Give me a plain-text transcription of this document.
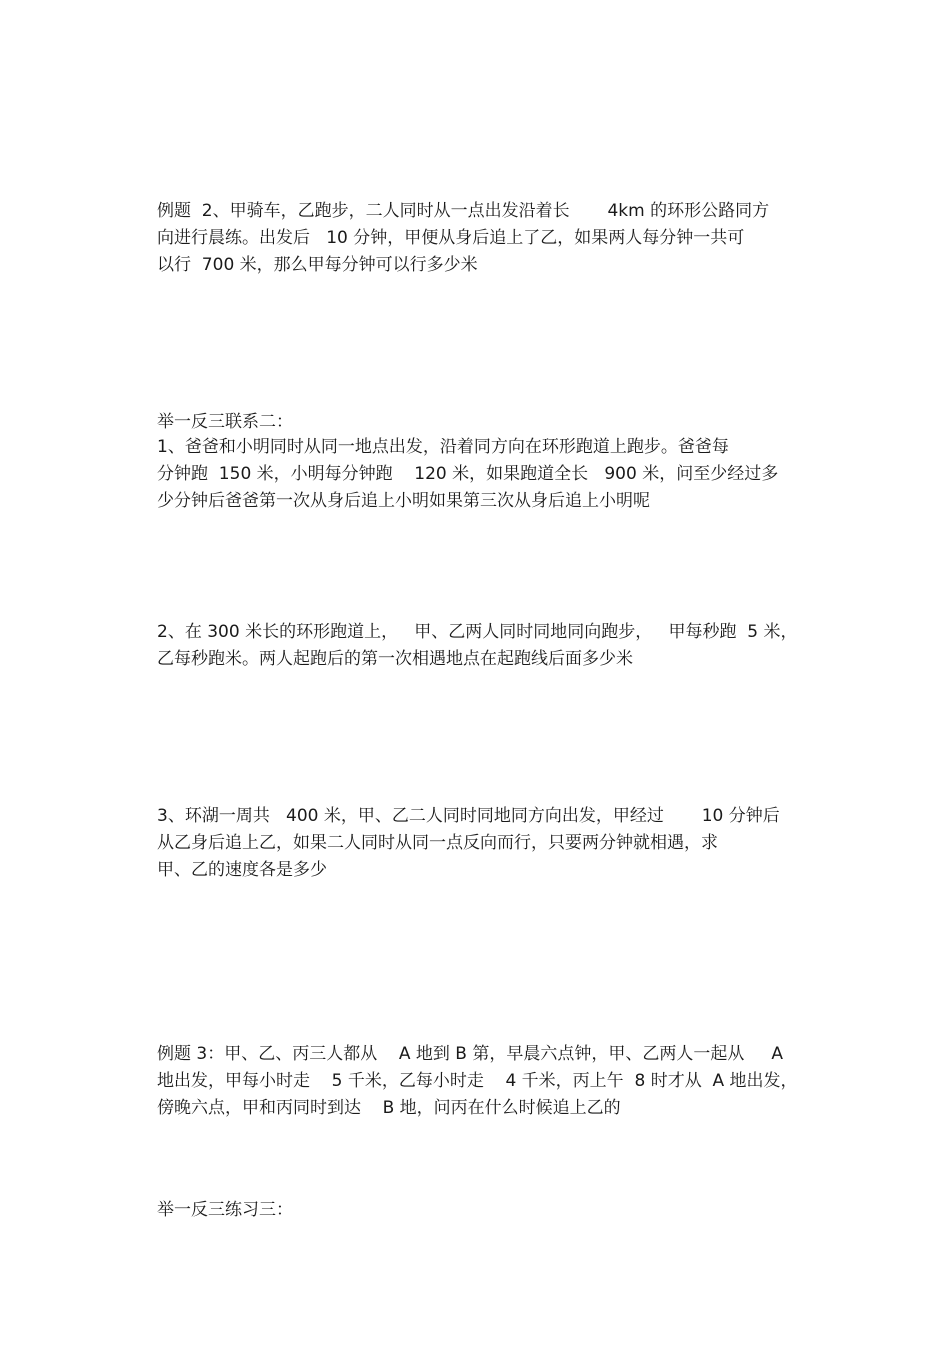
例题  2、甲骑车，乙跑步，二人同时从一点出发沿着长       4km 的环形公路同方
向进行晨练。出发后   10 分钟，甲便从身后追上了乙，如果两人每分钟一共可
以行  700 米，那么甲每分钟可以行多少米
举一反三联系二：
1、爸爸和小明同时从同一地点出发，沿着同方向在环形跑道上跑步。爸爸每
分钟跑  150 米，小明每分钟跑    120 米，如果跑道全长   900 米，问至少经过多
少分钟后爸爸第一次从身后追上小明如果第三次从身后追上小明呢
2、在 300 米长的环形跑道上，   甲、乙两人同时同地同向跑步，   甲每秒跑  5 米，
乙每秒跑米。两人起跑后的第一次相遇地点在起跑线后面多少米
3、环湖一周共   400 米，甲、乙二人同时同地同方向出发，甲经过       10 分钟后
从乙身后追上乙，如果二人同时从同一点反向而行，只要两分钟就相遇，求
甲、乙的速度各是多少
例题 3：甲、乙、丙三人都从    A 地到 B 第，早晨六点钟，甲、乙两人一起从     A
地出发，甲每小时走    5 千米，乙每小时走    4 千米，丙上午  8 时才从  A 地出发，
傍晚六点，甲和丙同时到达    B 地，问丙在什么时候追上乙的
举一反三练习三：
